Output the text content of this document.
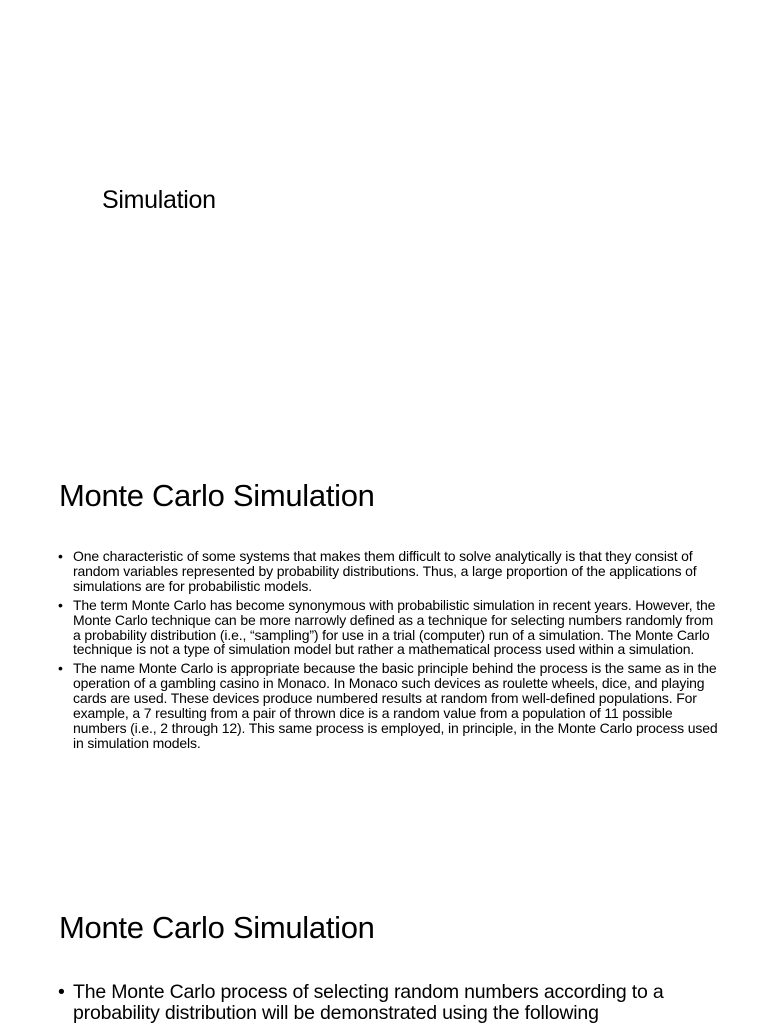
Simulation
Monte Carlo Simulation
• One characteristic of some systems that makes them difficult to solve analytically is that they consist of random variables represented by probability distributions. Thus, a large proportion of the applications of simulations are for probabilistic models.
• The term Monte Carlo has become synonymous with probabilistic simulation in recent years. However, the Monte Carlo technique can be more narrowly defined as a technique for selecting numbers randomly from a probability distribution (i.e., “sampling”) for use in a trial (computer) run of a simulation. The Monte Carlo technique is not a type of simulation model but rather a mathematical process used within a simulation.
• The name Monte Carlo is appropriate because the basic principle behind the process is the same as in the operation of a gambling casino in Monaco. In Monaco such devices as roulette wheels, dice, and playing cards are used. These devices produce numbered results at random from well-defined populations. For example, a 7 resulting from a pair of thrown dice is a random value from a population of 11 possible numbers (i.e., 2 through 12). This same process is employed, in principle, in the Monte Carlo process used in simulation models.
Monte Carlo Simulation
• The Monte Carlo process of selecting random numbers according to a probability distribution will be demonstrated using the following
